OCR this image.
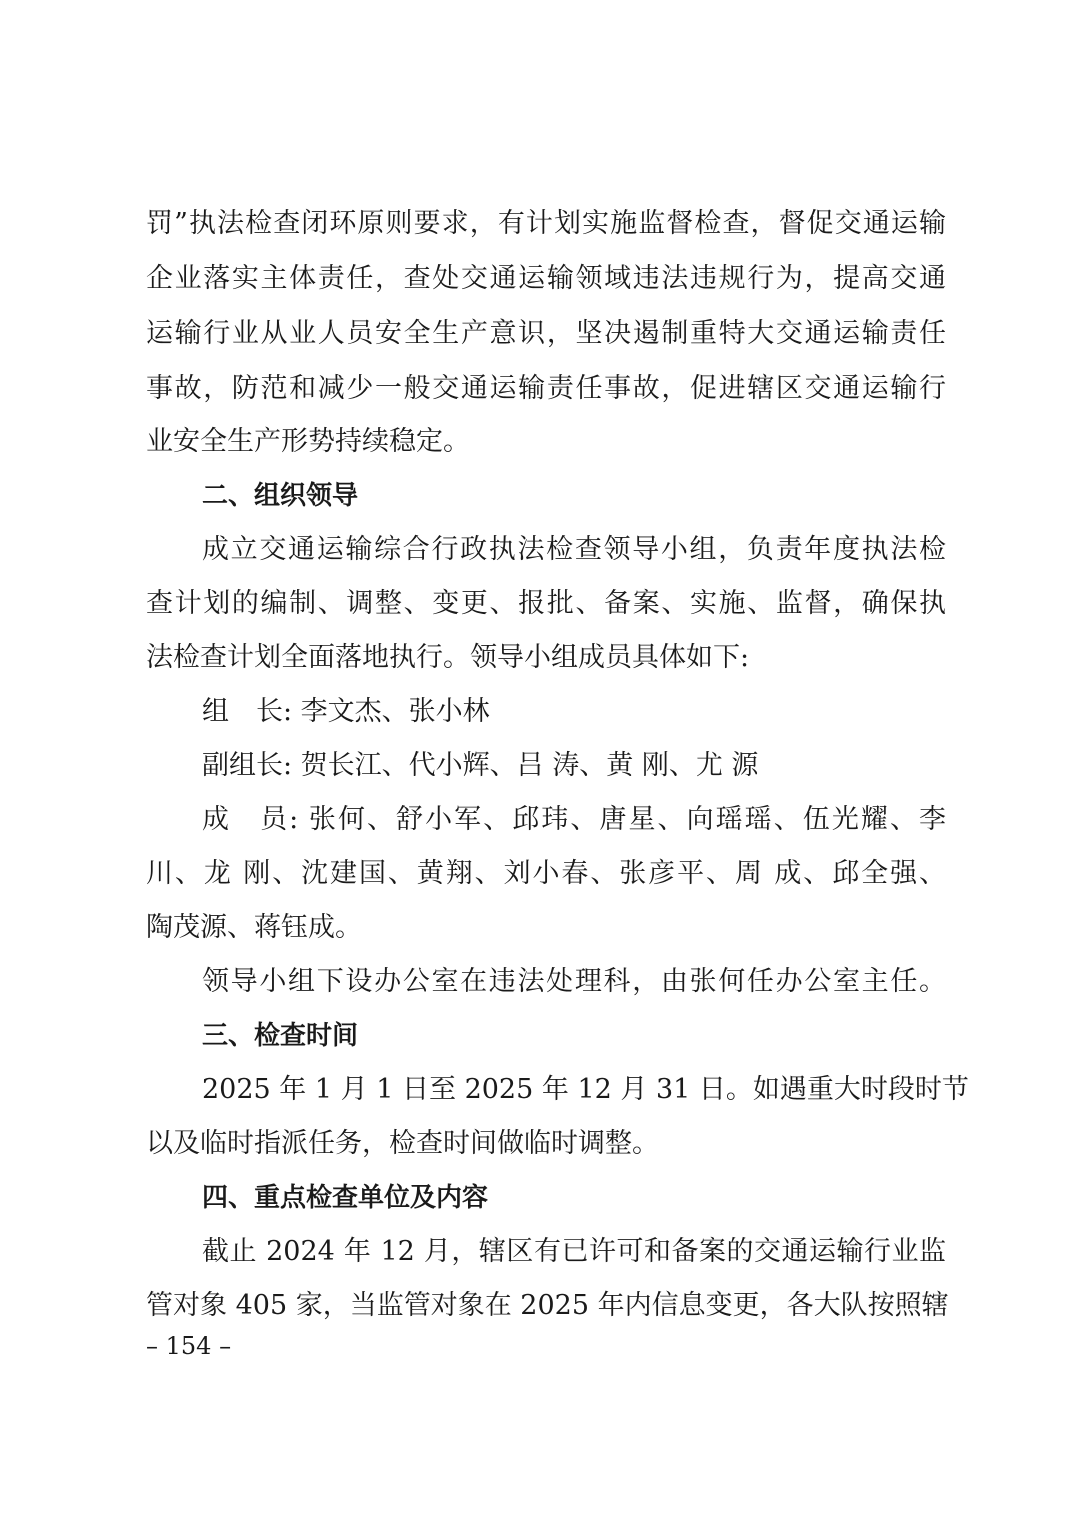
罚”执法检查闭环原则要求，有计划实施监督检查，督促交通运输
企业落实主体责任，查处交通运输领域违法违规行为，提高交通
运输行业从业人员安全生产意识，坚决遏制重特大交通运输责任
事故，防范和减少一般交通运输责任事故，促进辖区交通运输行
业安全生产形势持续稳定。
二、组织领导
成立交通运输综合行政执法检查领导小组，负责年度执法检
查计划的编制、调整、变更、报批、备案、实施、监督，确保执
法检查计划全面落地执行。领导小组成员具体如下:
组　长: 李文杰、张小林
副组长: 贺长江、代小辉、吕 涛、黄 刚、尤 源
成　员: 张何、舒小军、邱玮、唐星、向瑶瑶、伍光耀、李
川、龙 刚、沈建国、黄翔、刘小春、张彦平、周 成、邱全强、
陶茂源、蒋钰成。
领导小组下设办公室在违法处理科，由张何任办公室主任。
三、检查时间
2025 年 1 月 1 日至 2025 年 12 月 31 日。如遇重大时段时节
以及临时指派任务，检查时间做临时调整。
四、重点检查单位及内容
截止 2024 年 12 月，辖区有已许可和备案的交通运输行业监
管对象 405 家，当监管对象在 2025 年内信息变更，各大队按照辖
– 154 –
